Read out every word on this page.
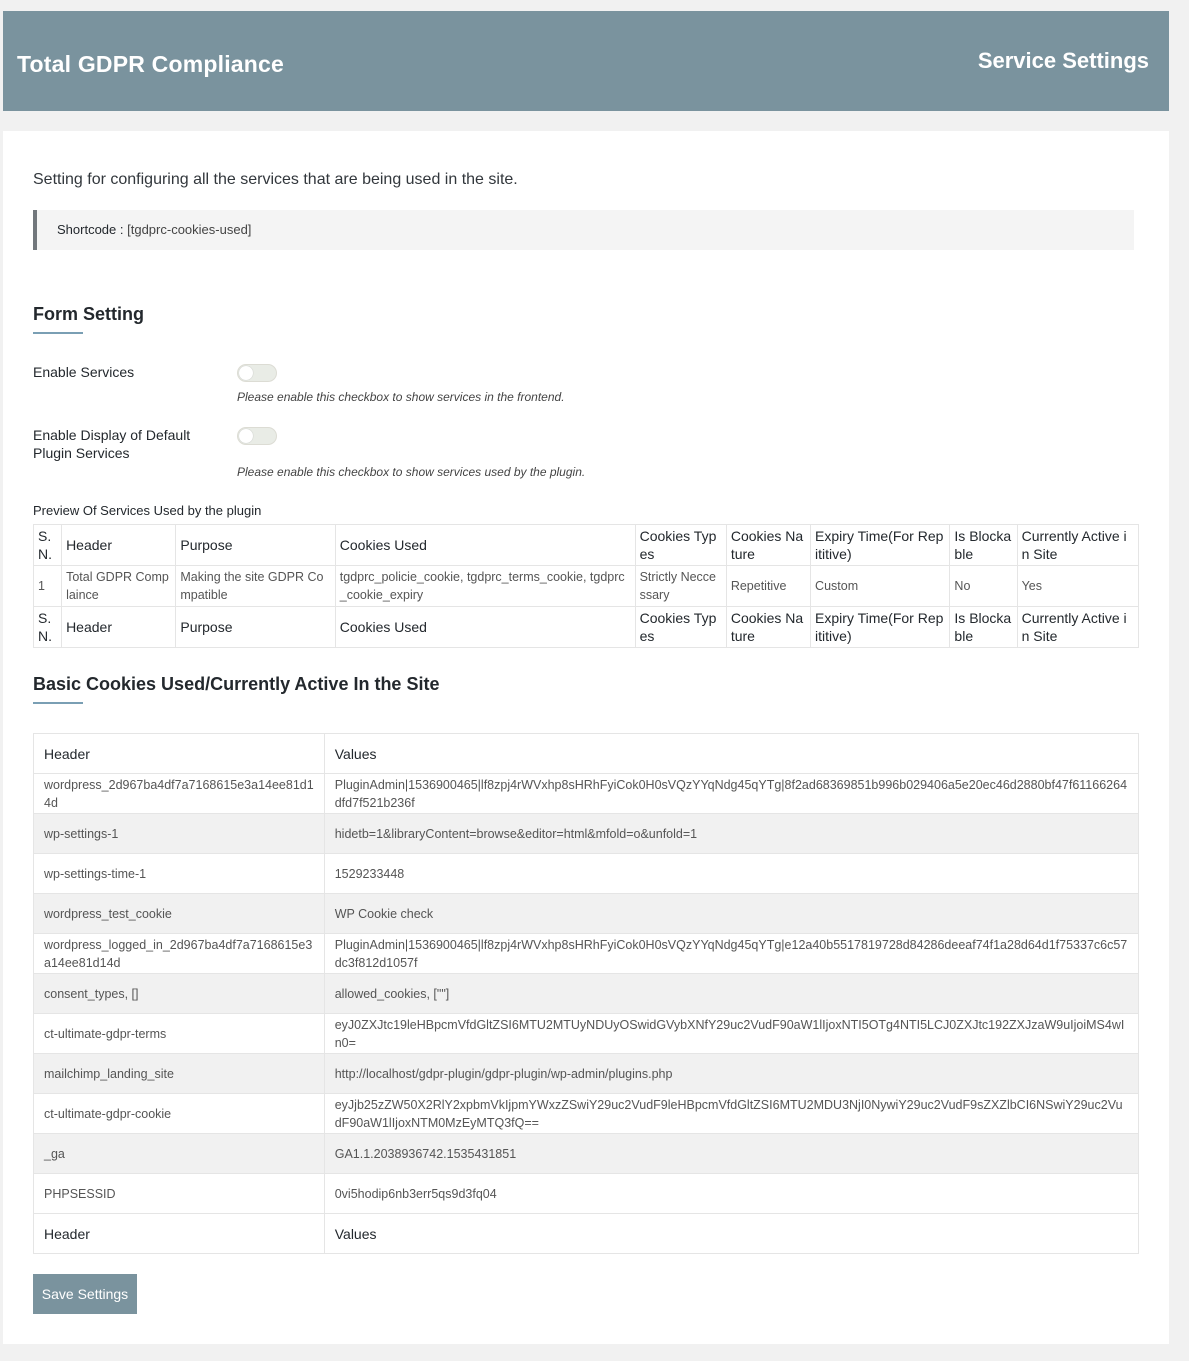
Total GDPR Compliance	Service Settings
Setting for configuring all the services that are being used in the site.
Shortcode : [tgdprc-cookies-used]
Form Setting
Enable Services
Please enable this checkbox to show services in the frontend.
Enable Display of Default Plugin Services
Please enable this checkbox to show services used by the plugin.
Preview Of Services Used by the plugin
S. N.	Header	Purpose	Cookies Used	Cookies Types	Cookies Nature	Expiry Time(For Repititive)	Is Blockable	Currently Active in Site
1	Total GDPR Complaince	Making the site GDPR Compatible	tgdprc_policie_cookie, tgdprc_terms_cookie, tgdprc_cookie_expiry	Strictly Neccessary	Repetitive	Custom	No	Yes
S. N.	Header	Purpose	Cookies Used	Cookies Types	Cookies Nature	Expiry Time(For Repititive)	Is Blockable	Currently Active in Site
Basic Cookies Used/Currently Active In the Site
Header	Values
wordpress_2d967ba4df7a7168615e3a14ee81d14d	PluginAdmin|1536900465|lf8zpj4rWVxhp8sHRhFyiCok0H0sVQzYYqNdg45qYTg|8f2ad68369851b996b029406a5e20ec46d2880bf47f61166264dfd7f521b236f
wp-settings-1	hidetb=1&libraryContent=browse&editor=html&mfold=o&unfold=1
wp-settings-time-1	1529233448
wordpress_test_cookie	WP Cookie check
wordpress_logged_in_2d967ba4df7a7168615e3a14ee81d14d	PluginAdmin|1536900465|lf8zpj4rWVxhp8sHRhFyiCok0H0sVQzYYqNdg45qYTg|e12a40b5517819728d84286deeaf74f1a28d64d1f75337c6c57dc3f812d1057f
consent_types, []	allowed_cookies, [""]
ct-ultimate-gdpr-terms	eyJ0ZXJtc19leHBpcmVfdGltZSI6MTU2MTUyNDUyOSwidGVybXNfY29uc2VudF90aW1lIjoxNTI5OTg4NTI5LCJ0ZXJtc192ZXJzaW9uIjoiMS4wIn0=
mailchimp_landing_site	http://localhost/gdpr-plugin/gdpr-plugin/wp-admin/plugins.php
ct-ultimate-gdpr-cookie	eyJjb25zZW50X2RlY2xpbmVkIjpmYWxzZSwiY29uc2VudF9leHBpcmVfdGltZSI6MTU2MDU3NjI0NywiY29uc2VudF9sZXZlbCI6NSwiY29uc2VudF90aW1lIjoxNTM0MzEyMTQ3fQ==
_ga	GA1.1.2038936742.1535431851
PHPSESSID	0vi5hodip6nb3err5qs9d3fq04
Header	Values
Save Settings
